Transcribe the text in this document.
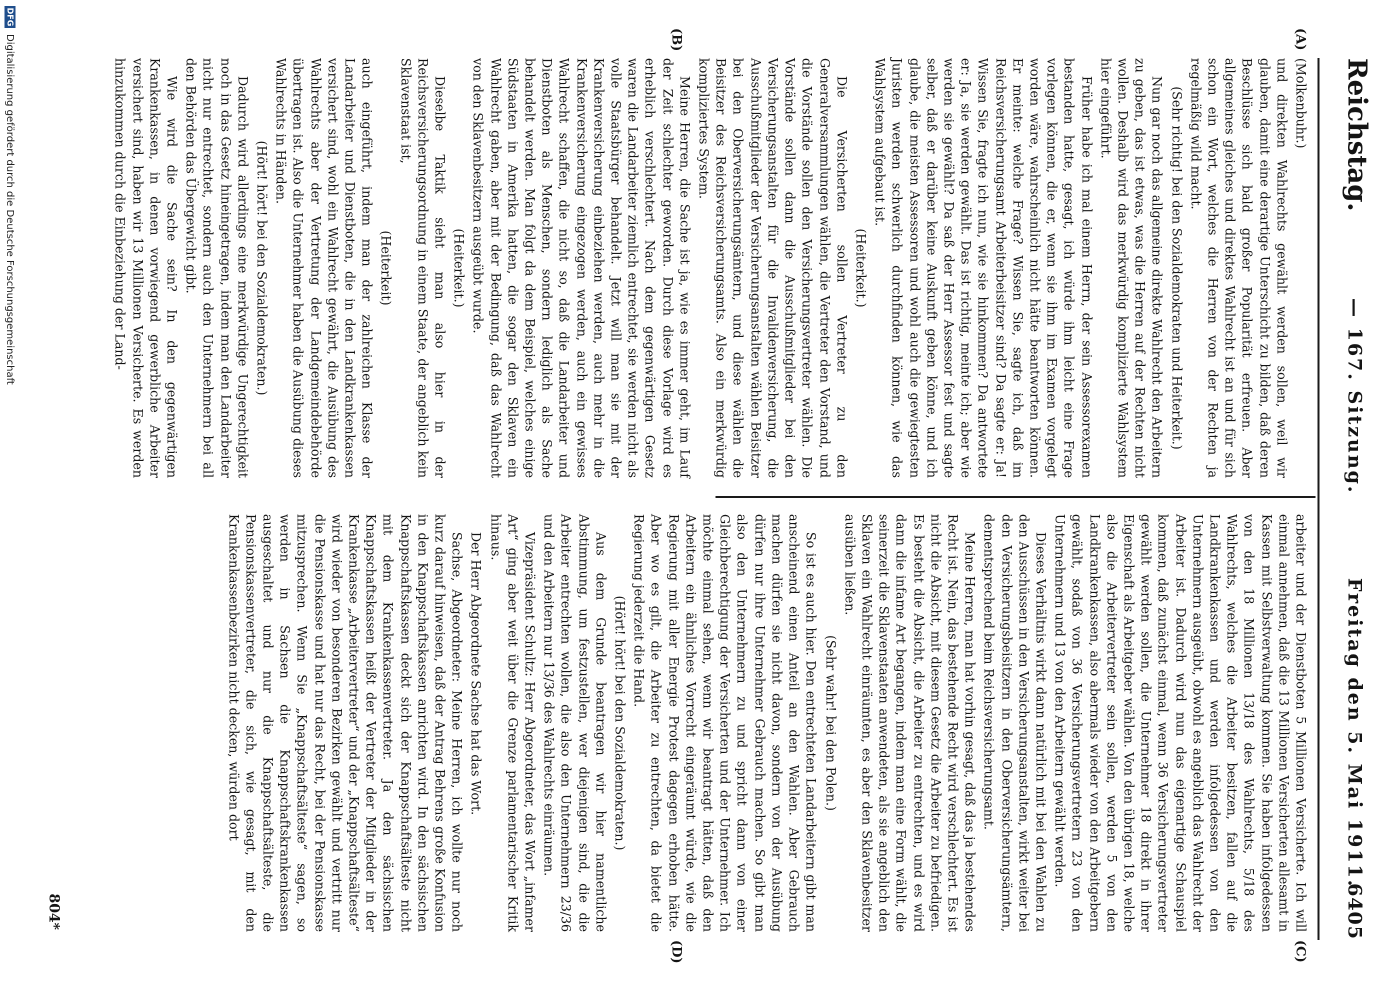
Reichstag.
— 167. Sitzung.
Freitag den 5. Mai 1911.
6405
(A)
(B)
(C)
(D)

(Molkenbuhr.)

und direkten Wahlrechts gewählt werden sollen, weil wir glauben, damit eine derartige Unterschicht zu bilden, daß deren Beschlüsse sich bald großer Popularität erfreuen. Aber allgemeines gleiches und direktes Wahlrecht ist an und für sich schon ein Wort, welches die Herren von der Rechten ja regelmäßig wild macht.

(Sehr richtig! bei den Sozialdemokraten und Heiterkeit.)

Nun gar noch das allgemeine direkte Wahlrecht den Arbeitern zu geben, das ist etwas, was die Herren auf der Rechten nicht wollen. Deshalb wird das merkwürdig komplizierte Wahlsystem hier eingeführt.

Früher habe ich mal einem Herrn, der sein Assessorexamen bestanden hatte, gesagt, ich würde ihm leicht eine Frage vorlegen können, die er, wenn sie ihm im Examen vorgelegt worden wäre, wahrscheinlich nicht hätte beantworten können. Er meinte: welche Frage? Wissen Sie, sagte ich, daß im Reichsversicherungsamt Arbeiterbeisitzer sind? Da sagte er: Ja! Wissen Sie, fragte ich nun, wie sie hinkommen? Da antwortete er: Ja, sie werden gewählt. Das ist richtig, meinte ich; aber wie werden sie gewählt? Da saß der Herr Assessor fest und sagte selber, daß er darüber keine Auskunft geben könne, und ich glaube, die meisten Assessoren und wohl auch die gewiegtesten Juristen werden schwerlich durchfinden können, wie das Wahlsystem aufgebaut ist.

(Heiterkeit.)

Die Versicherten sollen Vertreter zu den Generalversammlungen wählen, die Vertreter den Vorstand, und die Vorstände sollen den Versicherungsvertreter wählen. Die Vorstände sollen dann die Ausschußmitglieder bei den Versicherungsanstalten für die Invalidenversicherung, die Ausschußmitglieder der Versicherungsanstalten wählen Beisitzer bei den Oberversicherungsämtern, und diese wählen die Beisitzer des Reichsversicherungsamts. Also ein merkwürdig kompliziertes System.

Meine Herren, die Sache ist ja, wie es immer geht, im Lauf der Zeit schlechter geworden. Durch diese Vorlage wird es erheblich verschlechtert. Nach dem gegenwärtigen Gesetz waren die Landarbeiter ziemlich entrechtet, sie werden nicht als volle Staatsbürger behandelt. Jetzt will man sie mit der Krankenversicherung einbeziehen werden, auch mehr in die Krankenversicherung eingezogen werden, auch ein gewisses Wahlrecht schaffen, die nicht so, daß die Landarbeiter und Dienstboten als Menschen, sondern lediglich als Sache behandelt werden. Man folgt da dem Beispiel, welches einige Südstaaten in Amerika hatten, die sogar den Sklaven ein Wahlrecht gaben, aber mit der Bedingung, daß das Wahlrecht von den Sklavenbesitzern ausgeübt wurde.

(Heiterkeit.)

Dieselbe Taktik sieht man also hier in der Reichsversicherungsordnung in einem Staate, der angeblich kein Sklavenstaat ist,

(Heiterkeit)

auch eingeführt, indem man der zahlreichen Klasse der Landarbeiter und Dienstboten, die in den Landkrankenkassen versichert sind, wohl ein Wahlrecht gewährt, die Ausübung des Wahlrechts aber der Vertretung der Landgemeindebehörde übertragen ist. Also die Unternehmer haben die Ausübung dieses Wahlrechts in Händen.

(Hört! hört! bei den Sozialdemokraten.)

Dadurch wird allerdings eine merkwürdige Ungerechtigkeit noch in das Gesetz hineingetragen, indem man den Landarbeiter nicht nur entrechtet, sondern auch den Unternehmern bei all den Behörden das Übergewicht gibt.

Wie wird die Sache sein? In den gegenwärtigen Krankenkassen, in denen vorwiegend gewerbliche Arbeiter versichert sind, haben wir 13 Millionen Versicherte. Es werden hinzukommen durch die Einbeziehung der Land-

arbeiter und der Dienstboten 5 Millionen Versicherte. Ich will einmal annehmen, daß die 13 Millionen Versicherten allesamt in Kassen mit Selbstverwaltung kommen. Sie haben infolgedessen von den 18 Millionen 13/18 des Wahlrechts, 5/18 des Wahlrechts, welches die Arbeiter besitzen, fallen auf die Landkrankenkassen und werden infolgedessen von den Unternehmern ausgeübt, obwohl es angeblich das Wahlrecht der Arbeiter ist. Dadurch wird nun das eigenartige Schauspiel kommen, daß zunächst einmal, wenn 36 Versicherungsvertreter gewählt werden sollen, die Unternehmer 18 direkt in ihrer Eigenschaft als Arbeitgeber wählen. Von den übrigen 18, welche also die Arbeitervertreter sein sollen, werden 5 von den Landkrankenkassen, also abermals wieder von den Arbeitgebern gewählt, sodaß von 36 Versicherungsvertretern 23 von den Unternehmern und 13 von den Arbeitern gewählt werden.

Dieses Verhältnis wirkt dann natürlich mit bei den Wahlen zu den Ausschüssen in den Versicherungsanstalten, wirkt weiter bei den Versicherungsbeisitzern in den Oberversicherungsämtern, dementsprechend beim Reichsversicherungsamt.

Meine Herren, man hat vorhin gesagt, daß das ja bestehendes Recht ist. Nein, das bestehende Recht wird verschlechtert. Es ist nicht die Absicht, mit diesem Gesetz die Arbeiter zu befriedigen. Es besteht die Absicht, die Arbeiter zu entrechten, und es wird dann die infame Art begangen, indem man eine Form wählt, die seinerzeit die Sklavenstaaten anwendeten, als sie angeblich den Sklaven ein Wahlrecht einräumten, es aber den Sklavenbesitzer ausüben ließen.

(Sehr wahr! bei den Polen.)

So ist es auch hier. Den entrechteten Landarbeitern gibt man anscheinend einen Anteil an den Wahlen. Aber Gebrauch machen dürfen sie nicht davon, sondern von der Ausübung dürfen nur ihre Unternehmer Gebrauch machen. So gibt man also den Unternehmern zu und spricht dann von einer Gleichberechtigung der Versicherten und der Unternehmer. Ich möchte einmal sehen, wenn wir beantragt hätten, daß den Arbeitern ein ähnliches Vorrecht eingeräumt würde, wie die Regierung mit aller Energie Protest dagegen erhoben hätte. Aber wo es gilt, die Arbeiter zu entrechten, da bietet die Regierung jederzeit die Hand.

(Hört! hört! bei den Sozialdemokraten.)

Aus dem Grunde beantragen wir hier namentliche Abstimmung, um festzustellen, wer diejenigen sind, die die Arbeiter entrechten wollen, die also den Unternehmern 23/36 und den Arbeitern nur 13/36 des Wahlrechts einräumen.

Vizepräsident Schultz: Herr Abgeordneter, das Wort „infamer Art“ ging aber weit über die Grenze parlamentarischer Kritik hinaus.

Der Herr Abgeordnete Sachse hat das Wort.

Sachse, Abgeordneter: Meine Herren, ich wollte nur noch kurz darauf hinweisen, daß der Antrag Behrens große Konfusion in den Knappschaftskassen anrichten wird. In den sächsischen Knappschaftskassen deckt sich der Knappschaftsälteste nicht mit dem Krankenkassenvertreter. Ja den sächsischen Knappschaftskassen heißt der Vertreter der Mitglieder in der Krankenkasse „Arbeitervertreter“ und der „Knappschaftsälteste“ wird wieder von besonderen Bezirken gewählt und vertritt nur die Pensionskasse und hat nur das Recht, bei der Pensionskasse mitzusprechen. Wenn Sie „Knappschaftsälteste“ sagen, so werden in Sachsen die Knappschaftskrankenkassen ausgeschaltet und nur die Knappschaftsälteste, die Pensionskassenvertreter, die sich, wie gesagt, mit den Krankenkassenbezirken nicht decken, würden dort

804*
DFGDigitalisierung gefördert durch die Deutsche Forschungsgemeinschaft
